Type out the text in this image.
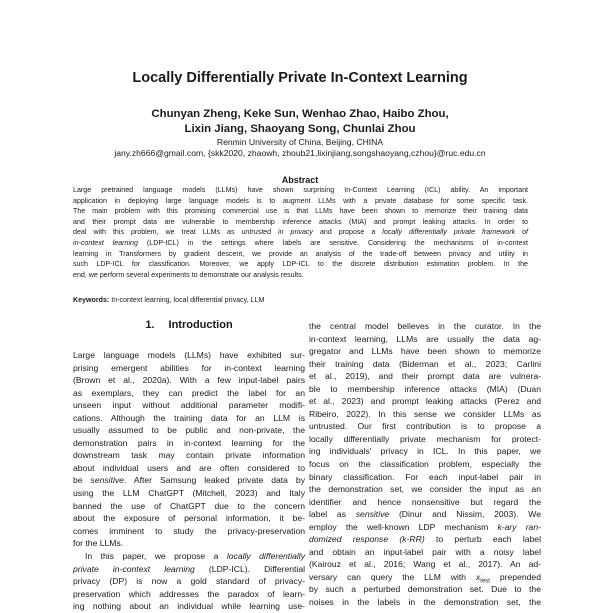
Locally Differentially Private In-Context Learning
Chunyan Zheng, Keke Sun, Wenhao Zhao, Haibo Zhou,
Lixin Jiang, Shaoyang Song, Chunlai Zhou
Renmin University of China, Beijing, CHINA
jany.zh666@gmail.com, {skk2020, zhaowh, zhoub21,lixinjiang,songshaoyang,czhou}@ruc.edu.cn
Abstract
Large pretrained language models (LLMs) have shown surprising In-Context Learning (ICL) ability. An important
application in deploying large language models is to augment LLMs with a private database for some specific task.
The main problem with this promising commercial use is that LLMs have been shown to memorize their training data
and their prompt data are vulnerable to membership inference attacks (MIA) and prompt leaking attacks. In order to
deal with this problem, we treat LLMs as untrusted in privacy and propose a locally differentially private framework of
in-context learning (LDP-ICL) in the settings where labels are sensitive. Considering the mechanisms of in-context
learning in Transformers by gradient descent, we provide an analysis of the trade-off between privacy and utility in
such LDP-ICL for classification. Moreover, we apply LDP-ICL to the discrete distribution estimation problem. In the
end, we perform several experiments to demonstrate our analysis results.
Keywords: In-context learning, local differential privacy, LLM
1. Introduction
Large language models (LLMs) have exhibited sur-
prising emergent abilities for in-context learning
(Brown et al., 2020a). With a few input-label pairs
as exemplars, they can predict the label for an
unseen input without additional parameter modifi-
cations. Although the training data for an LLM is
usually assumed to be public and non-private, the
demonstration pairs in in-context learning for the
downstream task may contain private information
about individual users and are often considered to
be sensitive. After Samsung leaked private data by
using the LLM ChatGPT (Mitchell, 2023) and Italy
banned the use of ChatGPT due to the concern
about the exposure of personal information, it be-
comes imminent to study the privacy-preservation
for the LLMs.
In this paper, we propose a locally differentially
private in-context learning (LDP-ICL). Differential
privacy (DP) is now a gold standard of privacy-
preservation which addresses the paradox of learn-
ing nothing about an individual while learning use-
the central model believes in the curator. In the
in-context learning, LLMs are usually the data ag-
gregator and LLMs have been shown to memorize
their training data (Biderman et al., 2023; Carlini
et al., 2019), and their prompt data are vulnera-
ble to membership inference attacks (MIA) (Duan
et al., 2023) and prompt leaking attacks (Perez and
Ribeiro, 2022). In this sense we consider LLMs as
untrusted. Our first contribution is to propose a
locally differentially private mechanism for protect-
ing individuals' privacy in ICL. In this paper, we
focus on the classification problem, especially the
binary classification. For each input-label pair in
the demonstration set, we consider the input as an
identifier and hence nonsensitive but regard the
label as sensitive (Dinur and Nissim, 2003). We
employ the well-known LDP mechanism k-ary ran-
domized response (k-RR) to perturb each label
and obtain an input-label pair with a noisy label
(Kairouz et al., 2016; Wang et al., 2017). An ad-
versary can query the LLM with $x_{test}$ prepended
by such a perturbed demonstration set. Due to the
noises in the labels in the demonstration set, the
